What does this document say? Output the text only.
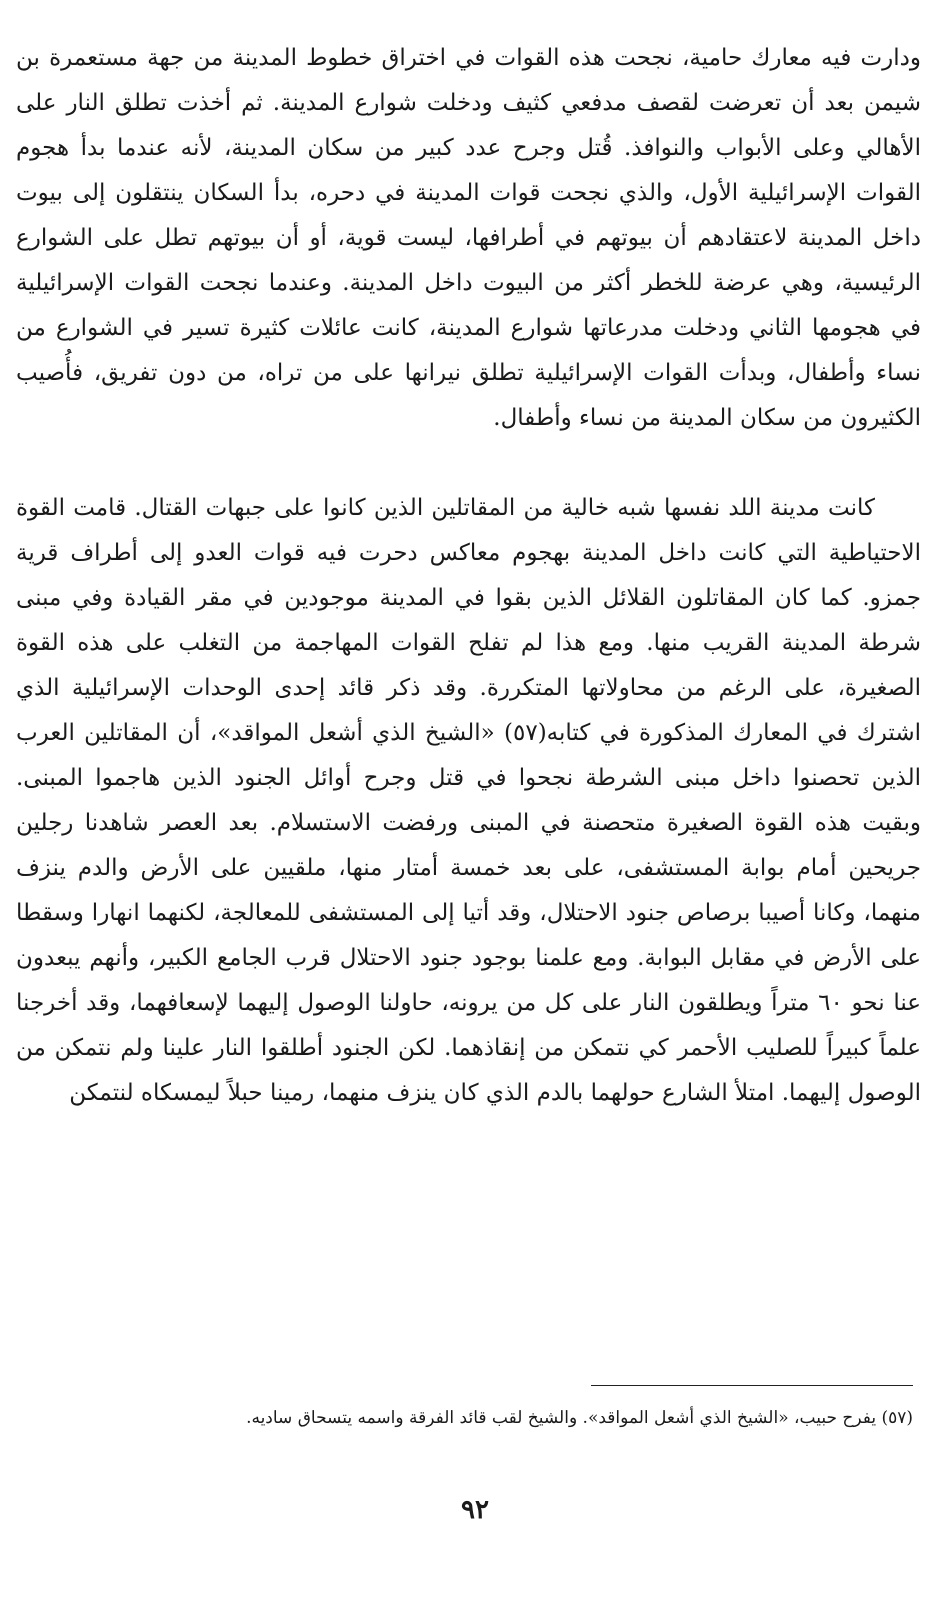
ودارت فيه معارك حامية، نجحت هذه القوات في اختراق خطوط المدينة من جهة مستعمرة بن شيمن بعد أن تعرضت لقصف مدفعي كثيف ودخلت شوارع المدينة. ثم أخذت تطلق النار على الأهالي وعلى الأبواب والنوافذ. قُتل وجرح عدد كبير من سكان المدينة، لأنه عندما بدأ هجوم القوات الإسرائيلية الأول، والذي نجحت قوات المدينة في دحره، بدأ السكان ينتقلون إلى بيوت داخل المدينة لاعتقادهم أن بيوتهم في أطرافها، ليست قوية، أو أن بيوتهم تطل على الشوارع الرئيسية، وهي عرضة للخطر أكثر من البيوت داخل المدينة. وعندما نجحت القوات الإسرائيلية في هجومها الثاني ودخلت مدرعاتها شوارع المدينة، كانت عائلات كثيرة تسير في الشوارع من نساء وأطفال، وبدأت القوات الإسرائيلية تطلق نيرانها على من تراه، من دون تفريق، فأُصيب الكثيرون من سكان المدينة من نساء وأطفال.

كانت مدينة اللد نفسها شبه خالية من المقاتلين الذين كانوا على جبهات القتال. قامت القوة الاحتياطية التي كانت داخل المدينة بهجوم معاكس دحرت فيه قوات العدو إلى أطراف قرية جمزو. كما كان المقاتلون القلائل الذين بقوا في المدينة موجودين في مقر القيادة وفي مبنى شرطة المدينة القريب منها. ومع هذا لم تفلح القوات المهاجمة من التغلب على هذه القوة الصغيرة، على الرغم من محاولاتها المتكررة. وقد ذكر قائد إحدى الوحدات الإسرائيلية الذي اشترك في المعارك المذكورة في كتابه(٥٧) «الشيخ الذي أشعل المواقد»، أن المقاتلين العرب الذين تحصنوا داخل مبنى الشرطة نجحوا في قتل وجرح أوائل الجنود الذين هاجموا المبنى. وبقيت هذه القوة الصغيرة متحصنة في المبنى ورفضت الاستسلام. بعد العصر شاهدنا رجلين جريحين أمام بوابة المستشفى، على بعد خمسة أمتار منها، ملقيين على الأرض والدم ينزف منهما، وكانا أصيبا برصاص جنود الاحتلال، وقد أتيا إلى المستشفى للمعالجة، لكنهما انهارا وسقطا على الأرض في مقابل البوابة. ومع علمنا بوجود جنود الاحتلال قرب الجامع الكبير، وأنهم يبعدون عنا نحو ٦٠ متراً ويطلقون النار على كل من يرونه، حاولنا الوصول إليهما لإسعافهما، وقد أخرجنا علماً كبيراً للصليب الأحمر كي نتمكن من إنقاذهما. لكن الجنود أطلقوا النار علينا ولم نتمكن من الوصول إليهما. امتلأ الشارع حولهما بالدم الذي كان ينزف منهما، رمينا حبلاً ليمسكاه لنتمكن

(٥٧) يفرح حبيب، «الشيخ الذي أشعل المواقد». والشيخ لقب قائد الفرقة واسمه يتسحاق ساديه.
٩٢
